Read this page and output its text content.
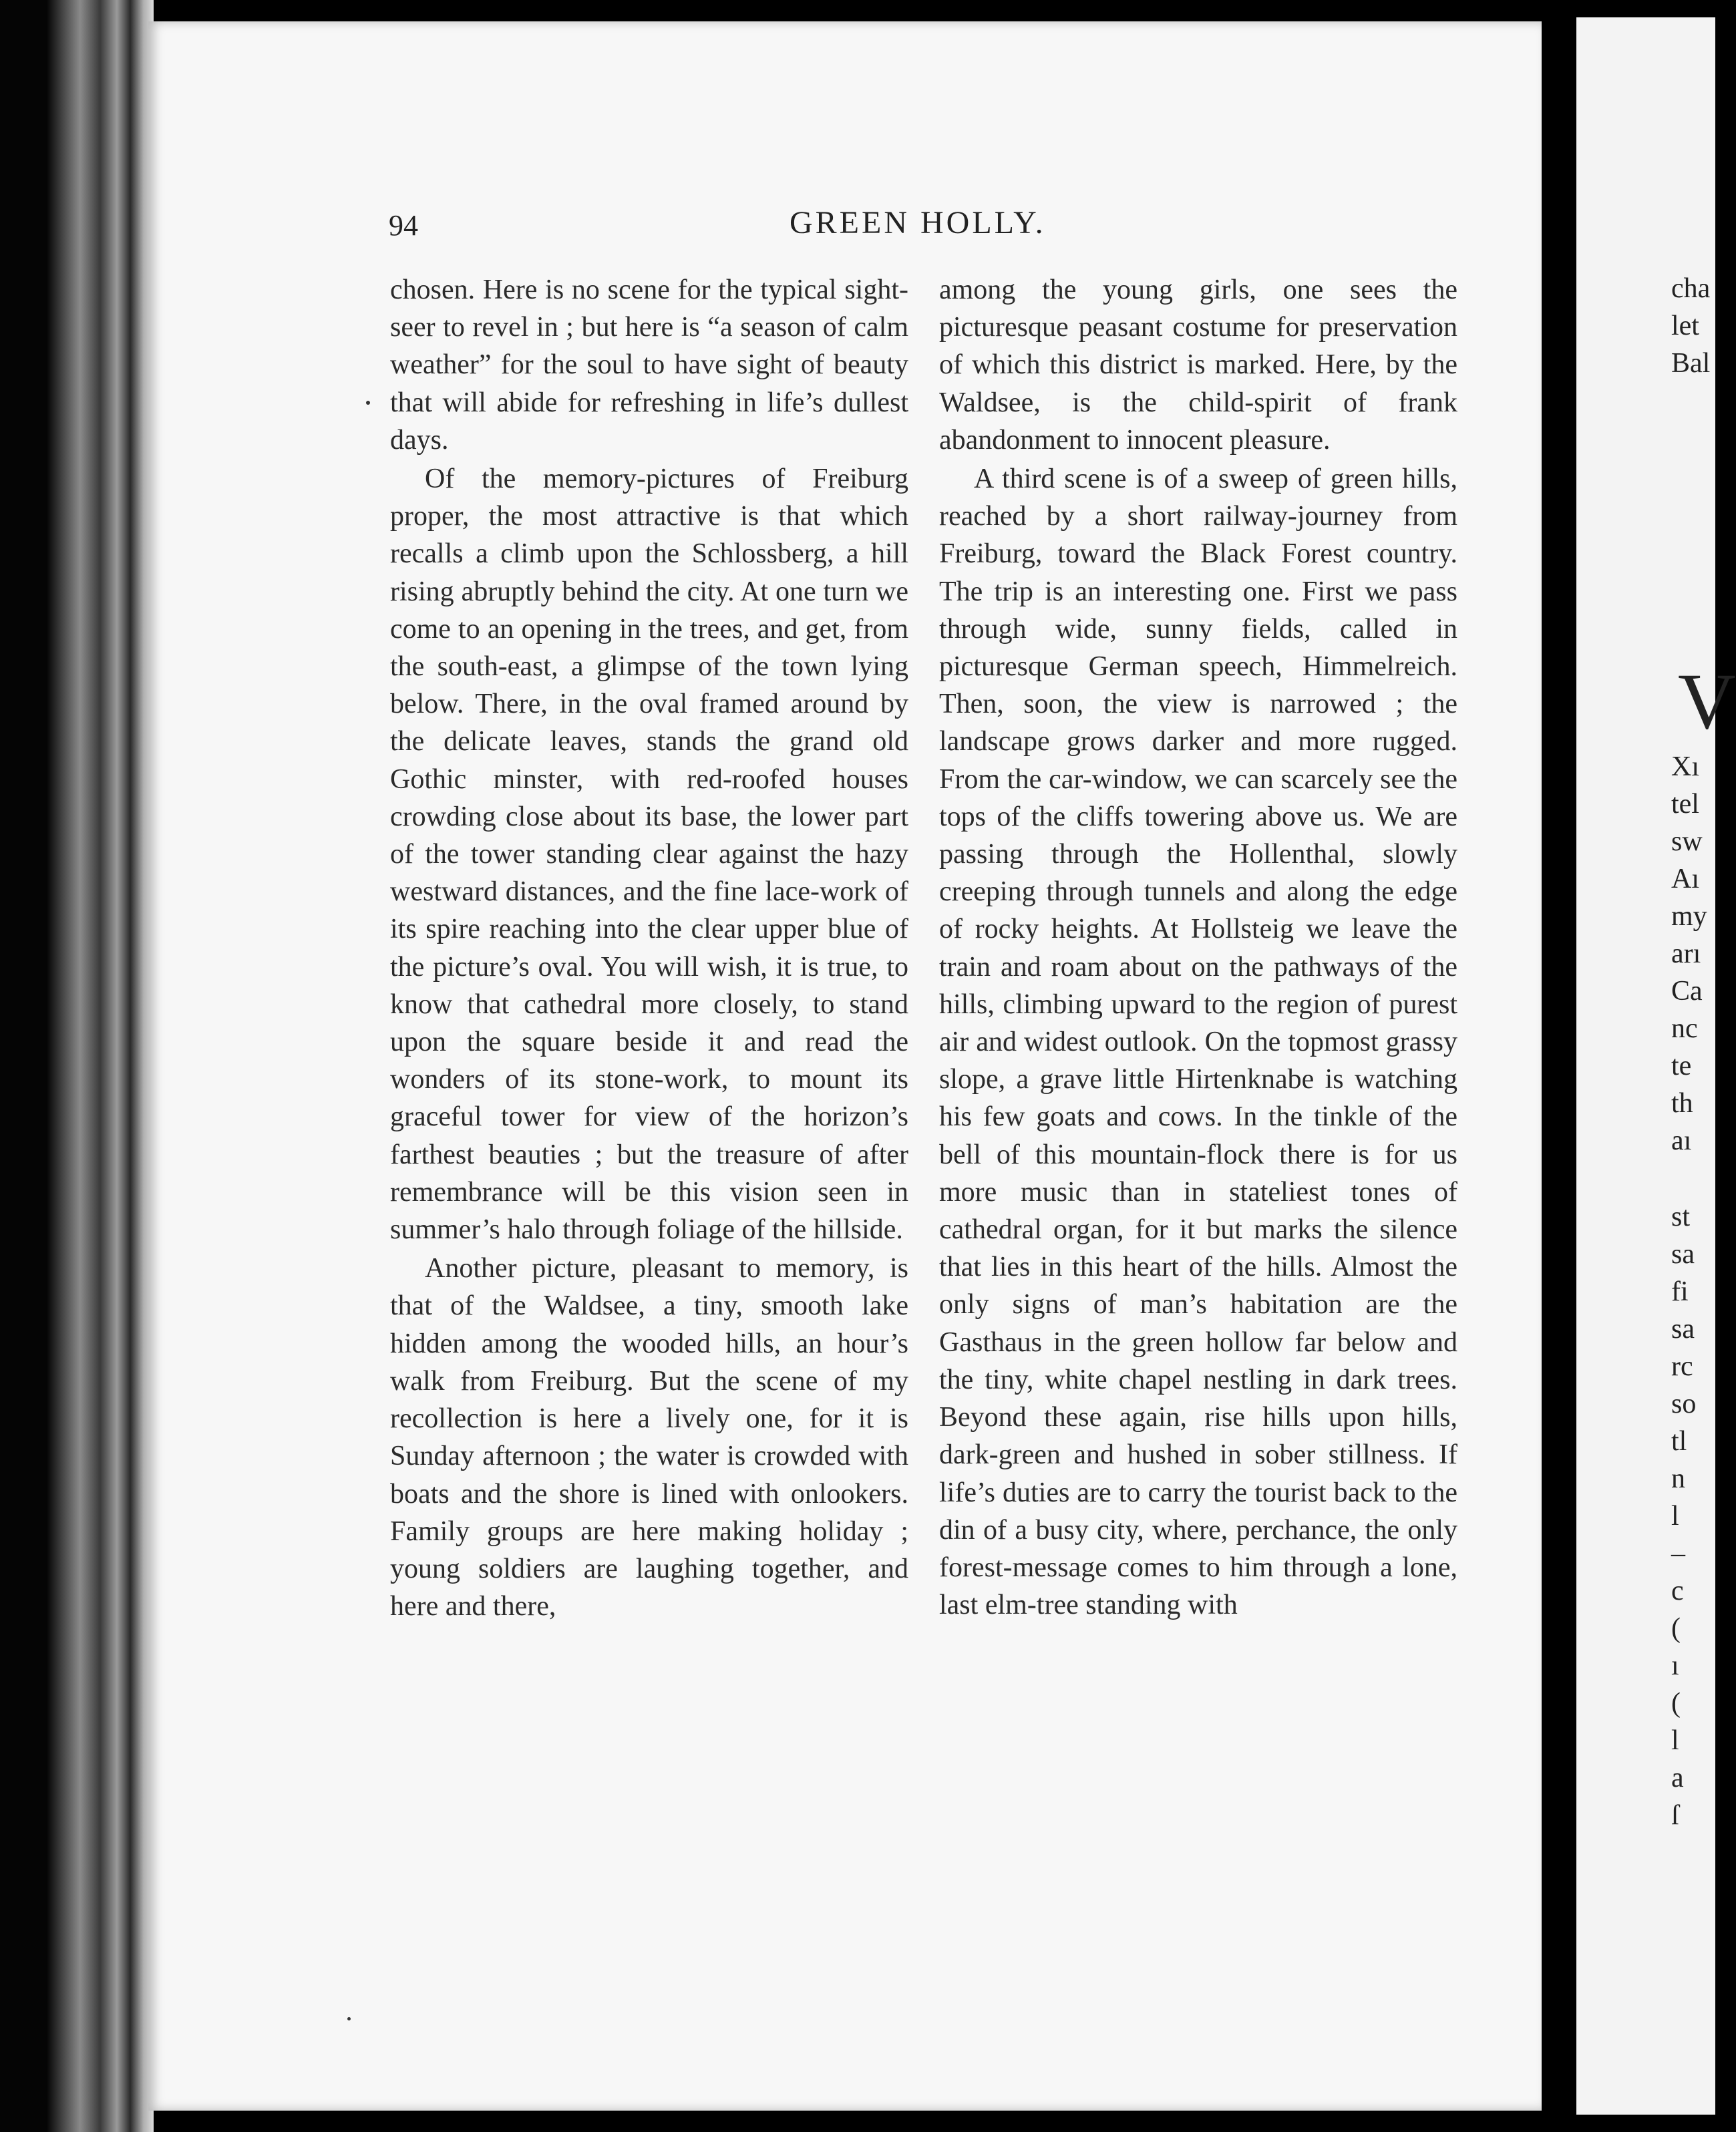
94	GREEN HOLLY.

chosen. Here is no scene for the typical sight-seer to revel in ; but here is “a season of calm weather” for the soul to have sight of beauty that will abide for refreshing in life’s dullest days.

Of the memory-pictures of Freiburg proper, the most attractive is that which recalls a climb upon the Schlossberg, a hill rising abruptly behind the city. At one turn we come to an opening in the trees, and get, from the south-east, a glimpse of the town lying below. There, in the oval framed around by the delicate leaves, stands the grand old Gothic minster, with red-roofed houses crowding close about its base, the lower part of the tower standing clear against the hazy westward distances, and the fine lace-work of its spire reaching into the clear upper blue of the picture’s oval. You will wish, it is true, to know that cathedral more closely, to stand upon the square beside it and read the wonders of its stone-work, to mount its graceful tower for view of the horizon’s farthest beauties ; but the treasure of after remembrance will be this vision seen in summer’s halo through foliage of the hillside.

Another picture, pleasant to memory, is that of the Waldsee, a tiny, smooth lake hidden among the wooded hills, an hour’s walk from Freiburg. But the scene of my recollection is here a lively one, for it is Sunday afternoon ; the water is crowded with boats and the shore is lined with onlookers. Family groups are here making holiday ; young soldiers are laughing together, and here and there,

among the young girls, one sees the picturesque peasant costume for preservation of which this district is marked. Here, by the Waldsee, is the child-spirit of frank abandonment to innocent pleasure.

A third scene is of a sweep of green hills, reached by a short railway-journey from Freiburg, toward the Black Forest country. The trip is an interesting one. First we pass through wide, sunny fields, called in picturesque German speech, Himmelreich. Then, soon, the view is narrowed ; the landscape grows darker and more rugged. From the car-window, we can scarcely see the tops of the cliffs towering above us. We are passing through the Hollenthal, slowly creeping through tunnels and along the edge of rocky heights. At Hollsteig we leave the train and roam about on the pathways of the hills, climbing upward to the region of purest air and widest outlook. On the topmost grassy slope, a grave little Hirtenknabe is watching his few goats and cows. In the tinkle of the bell of this mountain-flock there is for us more music than in stateliest tones of cathedral organ, for it but marks the silence that lies in this heart of the hills. Almost the only signs of man’s habitation are the Gasthaus in the green hollow far below and the tiny, white chapel nestling in dark trees. Beyond these again, rise hills upon hills, dark-green and hushed in sober stillness. If life’s duties are to carry the tourist back to the din of a busy city, where, perchance, the only forest-message comes to him through a lone, last elm-tree standing with

cha
let
Bal
V
Xı
tel
sw
Aı
my
arı
Ca
nc
te
th
aı
st
sa
fi
sa
rc
so
tl
n
l
–
c
(
ı
(
l
a
ſ
